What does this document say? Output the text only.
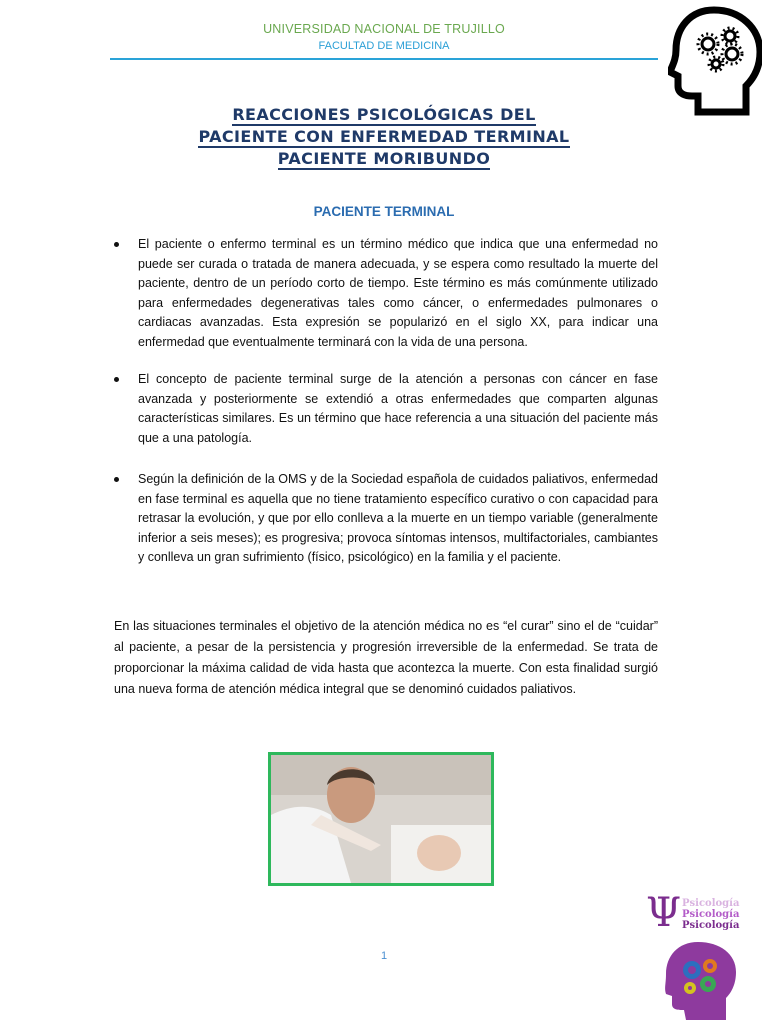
UNIVERSIDAD NACIONAL DE TRUJILLO
FACULTAD DE MEDICINA
REACCIONES PSICOLÓGICAS DEL
PACIENTE CON ENFERMEDAD TERMINAL
PACIENTE MORIBUNDO
PACIENTE TERMINAL
El paciente o enfermo terminal es un término médico que indica que una enfermedad no puede ser curada o tratada de manera adecuada, y se espera como resultado la muerte del paciente, dentro de un período corto de tiempo. Este término es más comúnmente utilizado para enfermedades degenerativas tales como cáncer, o enfermedades pulmonares o cardiacas avanzadas. Esta expresión se popularizó en el siglo XX, para indicar una enfermedad que eventualmente terminará con la vida de una persona.
El concepto de paciente terminal surge de la atención a personas con cáncer en fase avanzada y posteriormente se extendió a otras enfermedades que comparten algunas características similares. Es un término que hace referencia a una situación del paciente más que a una patología.
Según la definición de la OMS y de la Sociedad española de cuidados paliativos, enfermedad en fase terminal es aquella que no tiene tratamiento específico curativo o con capacidad para retrasar la evolución, y que por ello conlleva a la muerte en un tiempo variable (generalmente inferior a seis meses); es progresiva; provoca síntomas intensos, multifactoriales, cambiantes y conlleva un gran sufrimiento (físico, psicológico) en la familia y el paciente.

En las situaciones terminales el objetivo de la atención médica no es “el curar” sino el de “cuidar” al paciente, a pesar de la persistencia y progresión irreversible de la enfermedad. Se trata de proporcionar la máxima calidad de vida hasta que acontezca la muerte. Con esta finalidad surgió una nueva forma de atención médica integral que se denominó cuidados paliativos.

1
Ψ Psicología
Psicología
Psicología
